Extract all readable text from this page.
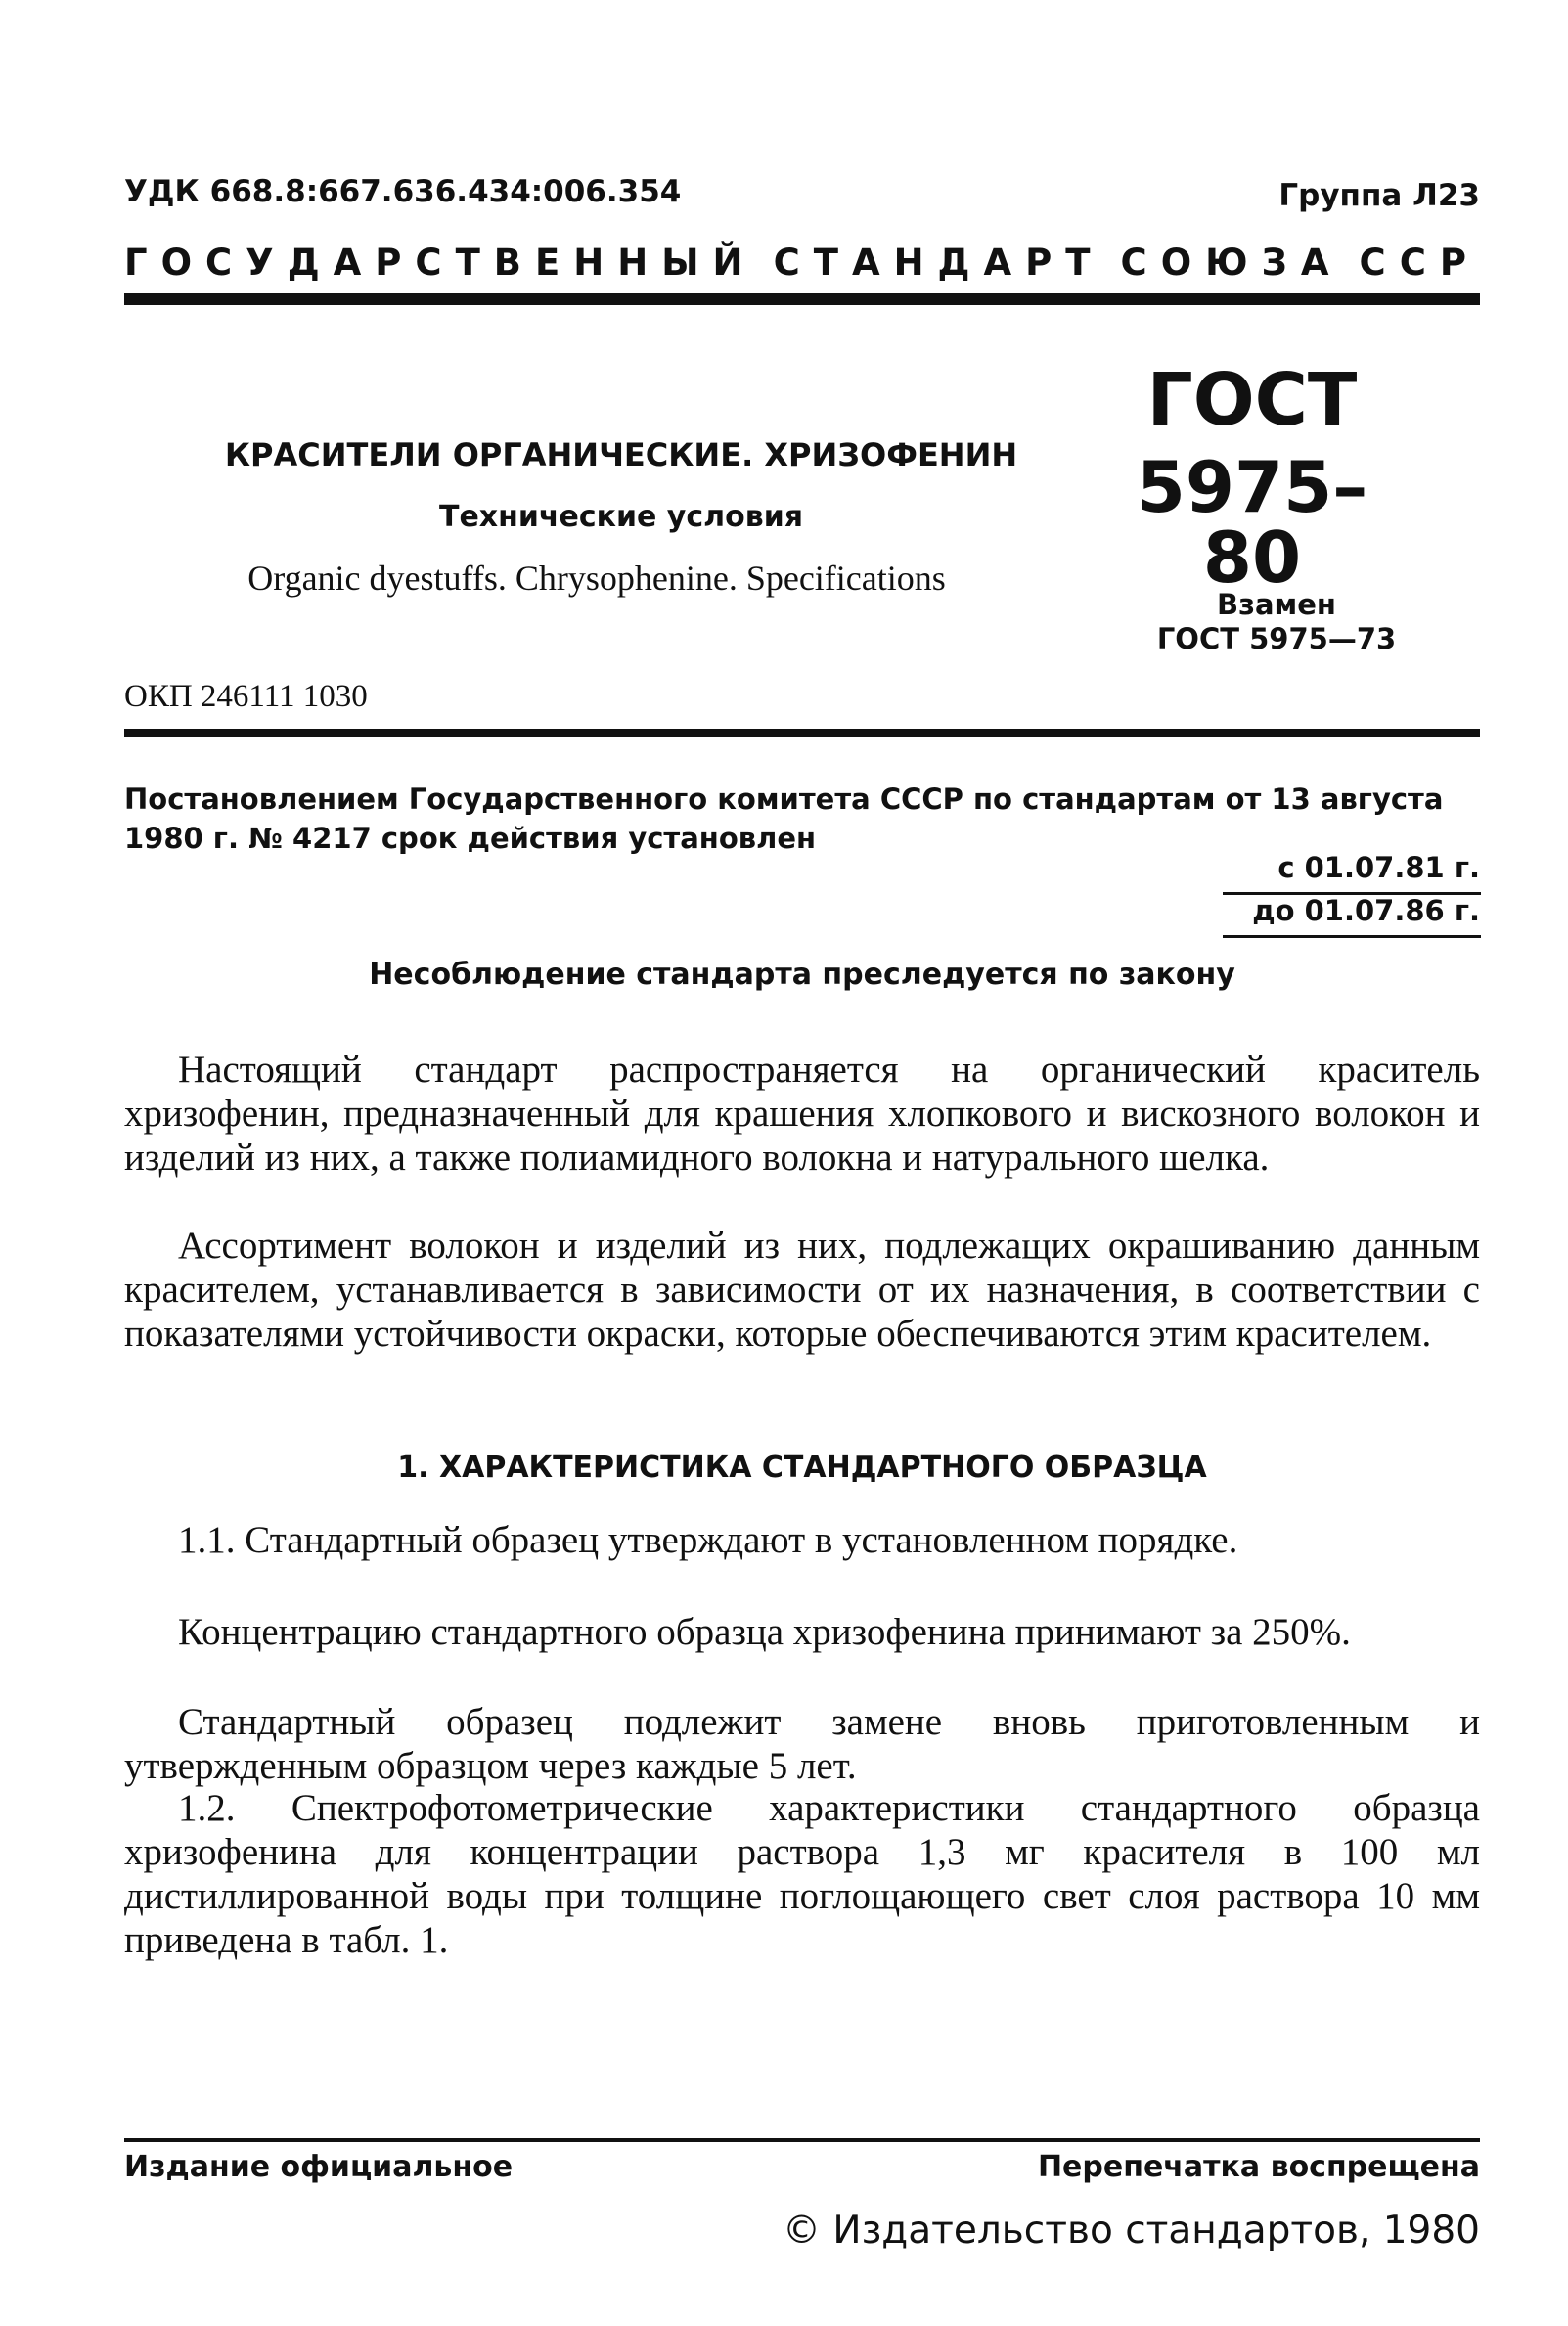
УДК 668.8:667.636.434:006.354	Группа Л23
ГОСУДАРСТВЕННЫЙ СТАНДАРТ СОЮЗА ССР
КРАСИТЕЛИ ОРГАНИЧЕСКИЕ. ХРИЗОФЕНИН
Технические условия
Organic dyestuffs. Chrysophenine. Specifications
ГОСТ
5975–80
Взамен
ГОСТ 5975—73
ОКП 246111 1030
Постановлением Государственного комитета СССР по стандартам от 13 августа 1980 г. № 4217 срок действия установлен
с 01.07.81 г.
до 01.07.86 г.
Несоблюдение стандарта преследуется по закону
Настоящий стандарт распространяется на органический краситель хризофенин, предназначенный для крашения хлопкового и вискозного волокон и изделий из них, а также полиамидного волокна и натурального шелка.
Ассортимент волокон и изделий из них, подлежащих окрашиванию данным красителем, устанавливается в зависимости от их назначения, в соответствии с показателями устойчивости окраски, которые обеспечиваются этим красителем.
1. ХАРАКТЕРИСТИКА СТАНДАРТНОГО ОБРАЗЦА
1.1. Стандартный образец утверждают в установленном порядке.
Концентрацию стандартного образца хризофенина принимают за 250%.
Стандартный образец подлежит замене вновь приготовленным и утвержденным образцом через каждые 5 лет.
1.2. Спектрофотометрические характеристики стандартного образца хризофенина для концентрации раствора 1,3 мг красителя в 100 мл дистиллированной воды при толщине поглощающего свет слоя раствора 10 мм приведена в табл. 1.
Издание официальное	Перепечатка воспрещена
© Издательство стандартов, 1980
